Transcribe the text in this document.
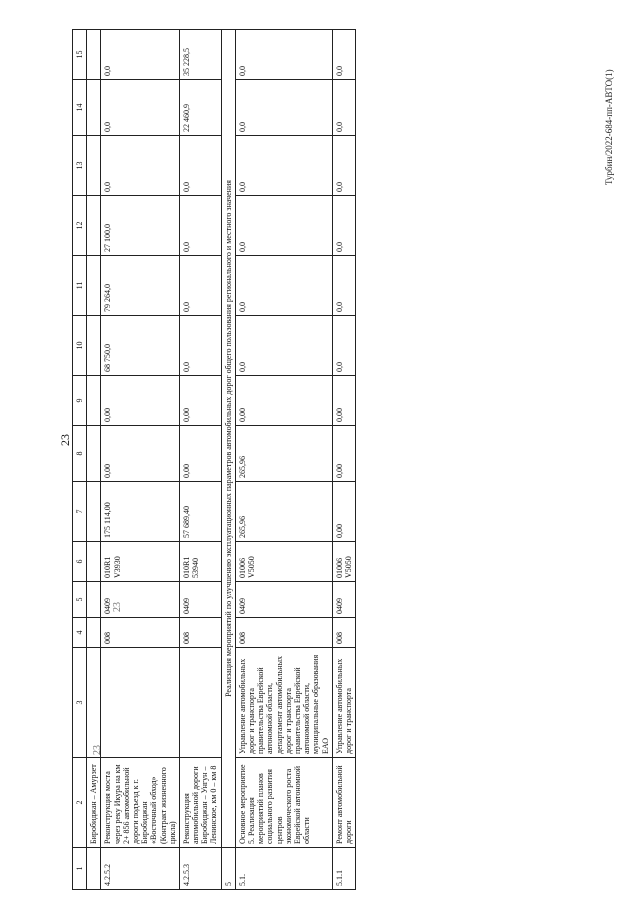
23
23
23
Турбин/2022-684-пп-АВТО(1)
1	2	3	4	5	6	7	8	9	10	11	12	13	14	15
	Биробиджан – Амурзет													
4.2.5.2	Реконструкция моста через реку Икура на км 2+ 856 автомобильной дороги подъезд к г. Биробиджан «Восточный обход» (Контракт жизненного цикла)		008	0409	010R1 V3930	175 114,00	0,00	0,00	68 750,0	79 264,0	27 100,0	0,0	0,0	0,0
4.2.5.3	Реконструкция автомобильной дороги Биробиджан – Унгун – Ленинское, км 0 – км 8		008	0409	010R1 53940	57 689,40	0,00	0,00	0,0	0,0	0,0	0,0	22 460,9	35 228,5
5	Реализация мероприятий по улучшению эксплуатационных параметров автомобильных дорог общего пользования регионального и местного значения													
5.1.	Основное мероприятие 5. Реализация мероприятий планов социального развития центров экономического роста Еврейской автономной области	Управление автомобильных дорог и транспорта правительства Еврейской автономной области, департамент автомобильных дорог и транспорта правительства Еврейской автономной области, муниципальные образования ЕАО	008	0409	01006 V5050	265,96	265,96	0,00	0,0	0,0	0,0	0,0	0,0	0,0
5.1.1	Ремонт автомобильной дороги	Управление автомобильных дорог и транспорта	008	0409	01006 V5050	0,00	0,00	0,00	0,0	0,0	0,0	0,0	0,0	0,0
